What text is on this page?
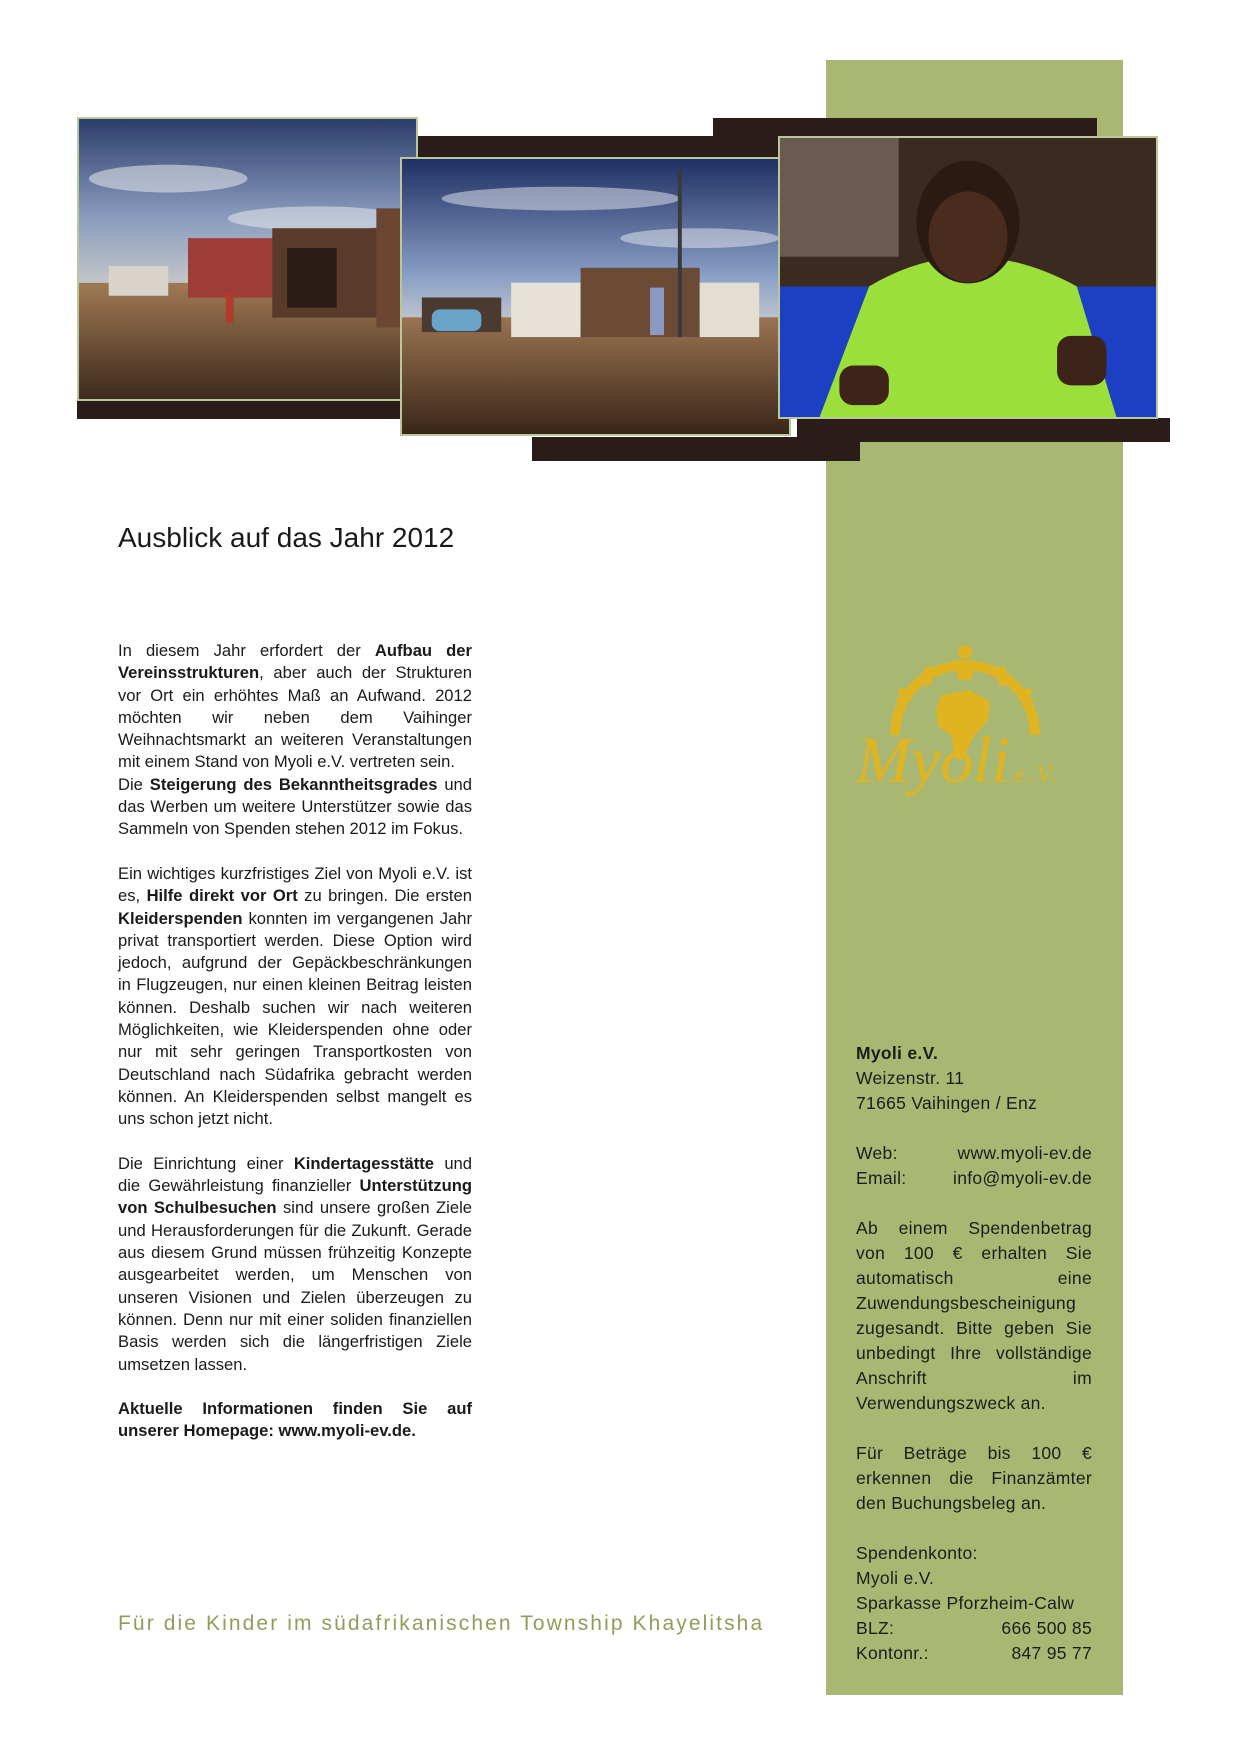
Ausblick auf das Jahr 2012

In diesem Jahr erfordert der Aufbau der Vereinsstrukturen, aber auch der Strukturen vor Ort ein erhöhtes Maß an Aufwand. 2012 möchten wir neben dem Vaihinger Weihnachtsmarkt an weiteren Veranstaltungen mit einem Stand von Myoli e.V. vertreten sein.

Die Steigerung des Bekanntheitsgrades und das Werben um weitere Unterstützer sowie das Sammeln von Spenden stehen 2012 im Fokus.

Ein wichtiges kurzfristiges Ziel von Myoli e.V. ist es, Hilfe direkt vor Ort zu bringen. Die ersten Kleiderspenden konnten im vergangenen Jahr privat transportiert werden. Diese Option wird jedoch, aufgrund der Gepäckbeschränkungen in Flugzeugen, nur einen kleinen Beitrag leisten können. Deshalb suchen wir nach weiteren Möglichkeiten, wie Kleiderspenden ohne oder nur mit sehr geringen Transportkosten von Deutschland nach Südafrika gebracht werden können. An Kleiderspenden selbst mangelt es uns schon jetzt nicht.

Die Einrichtung einer Kindertagesstätte und die Gewährleistung finanzieller Unterstützung von Schulbesuchen sind unsere großen Ziele und Herausforderungen für die Zukunft. Gerade aus diesem Grund müssen frühzeitig Konzepte ausgearbeitet werden, um Menschen von unseren Visionen und Zielen überzeugen zu können. Denn nur mit einer soliden finanziellen Basis werden sich die längerfristigen Ziele umsetzen lassen.

Aktuelle Informationen finden Sie auf unserer Homepage: www.myoli-ev.de.

Für die Kinder im südafrikanischen Township Khayelitsha
Myoli e.V.
Myoli e.V.
Weizenstr. 11
71665 Vaihingen / Enz
Web:	www.myoli-ev.de
Email:	info@myoli-ev.de
Ab einem Spendenbetrag von 100 € erhalten Sie automatisch eine Zuwendungsbescheinigung zugesandt. Bitte geben Sie unbedingt Ihre vollständige Anschrift im Verwendungszweck an.
Für Beträge bis 100 € erkennen die Finanzämter den Buchungsbeleg an.
Spendenkonto:
Myoli e.V.
Sparkasse Pforzheim-Calw
BLZ:	666 500 85
Kontonr.:	847 95 77
